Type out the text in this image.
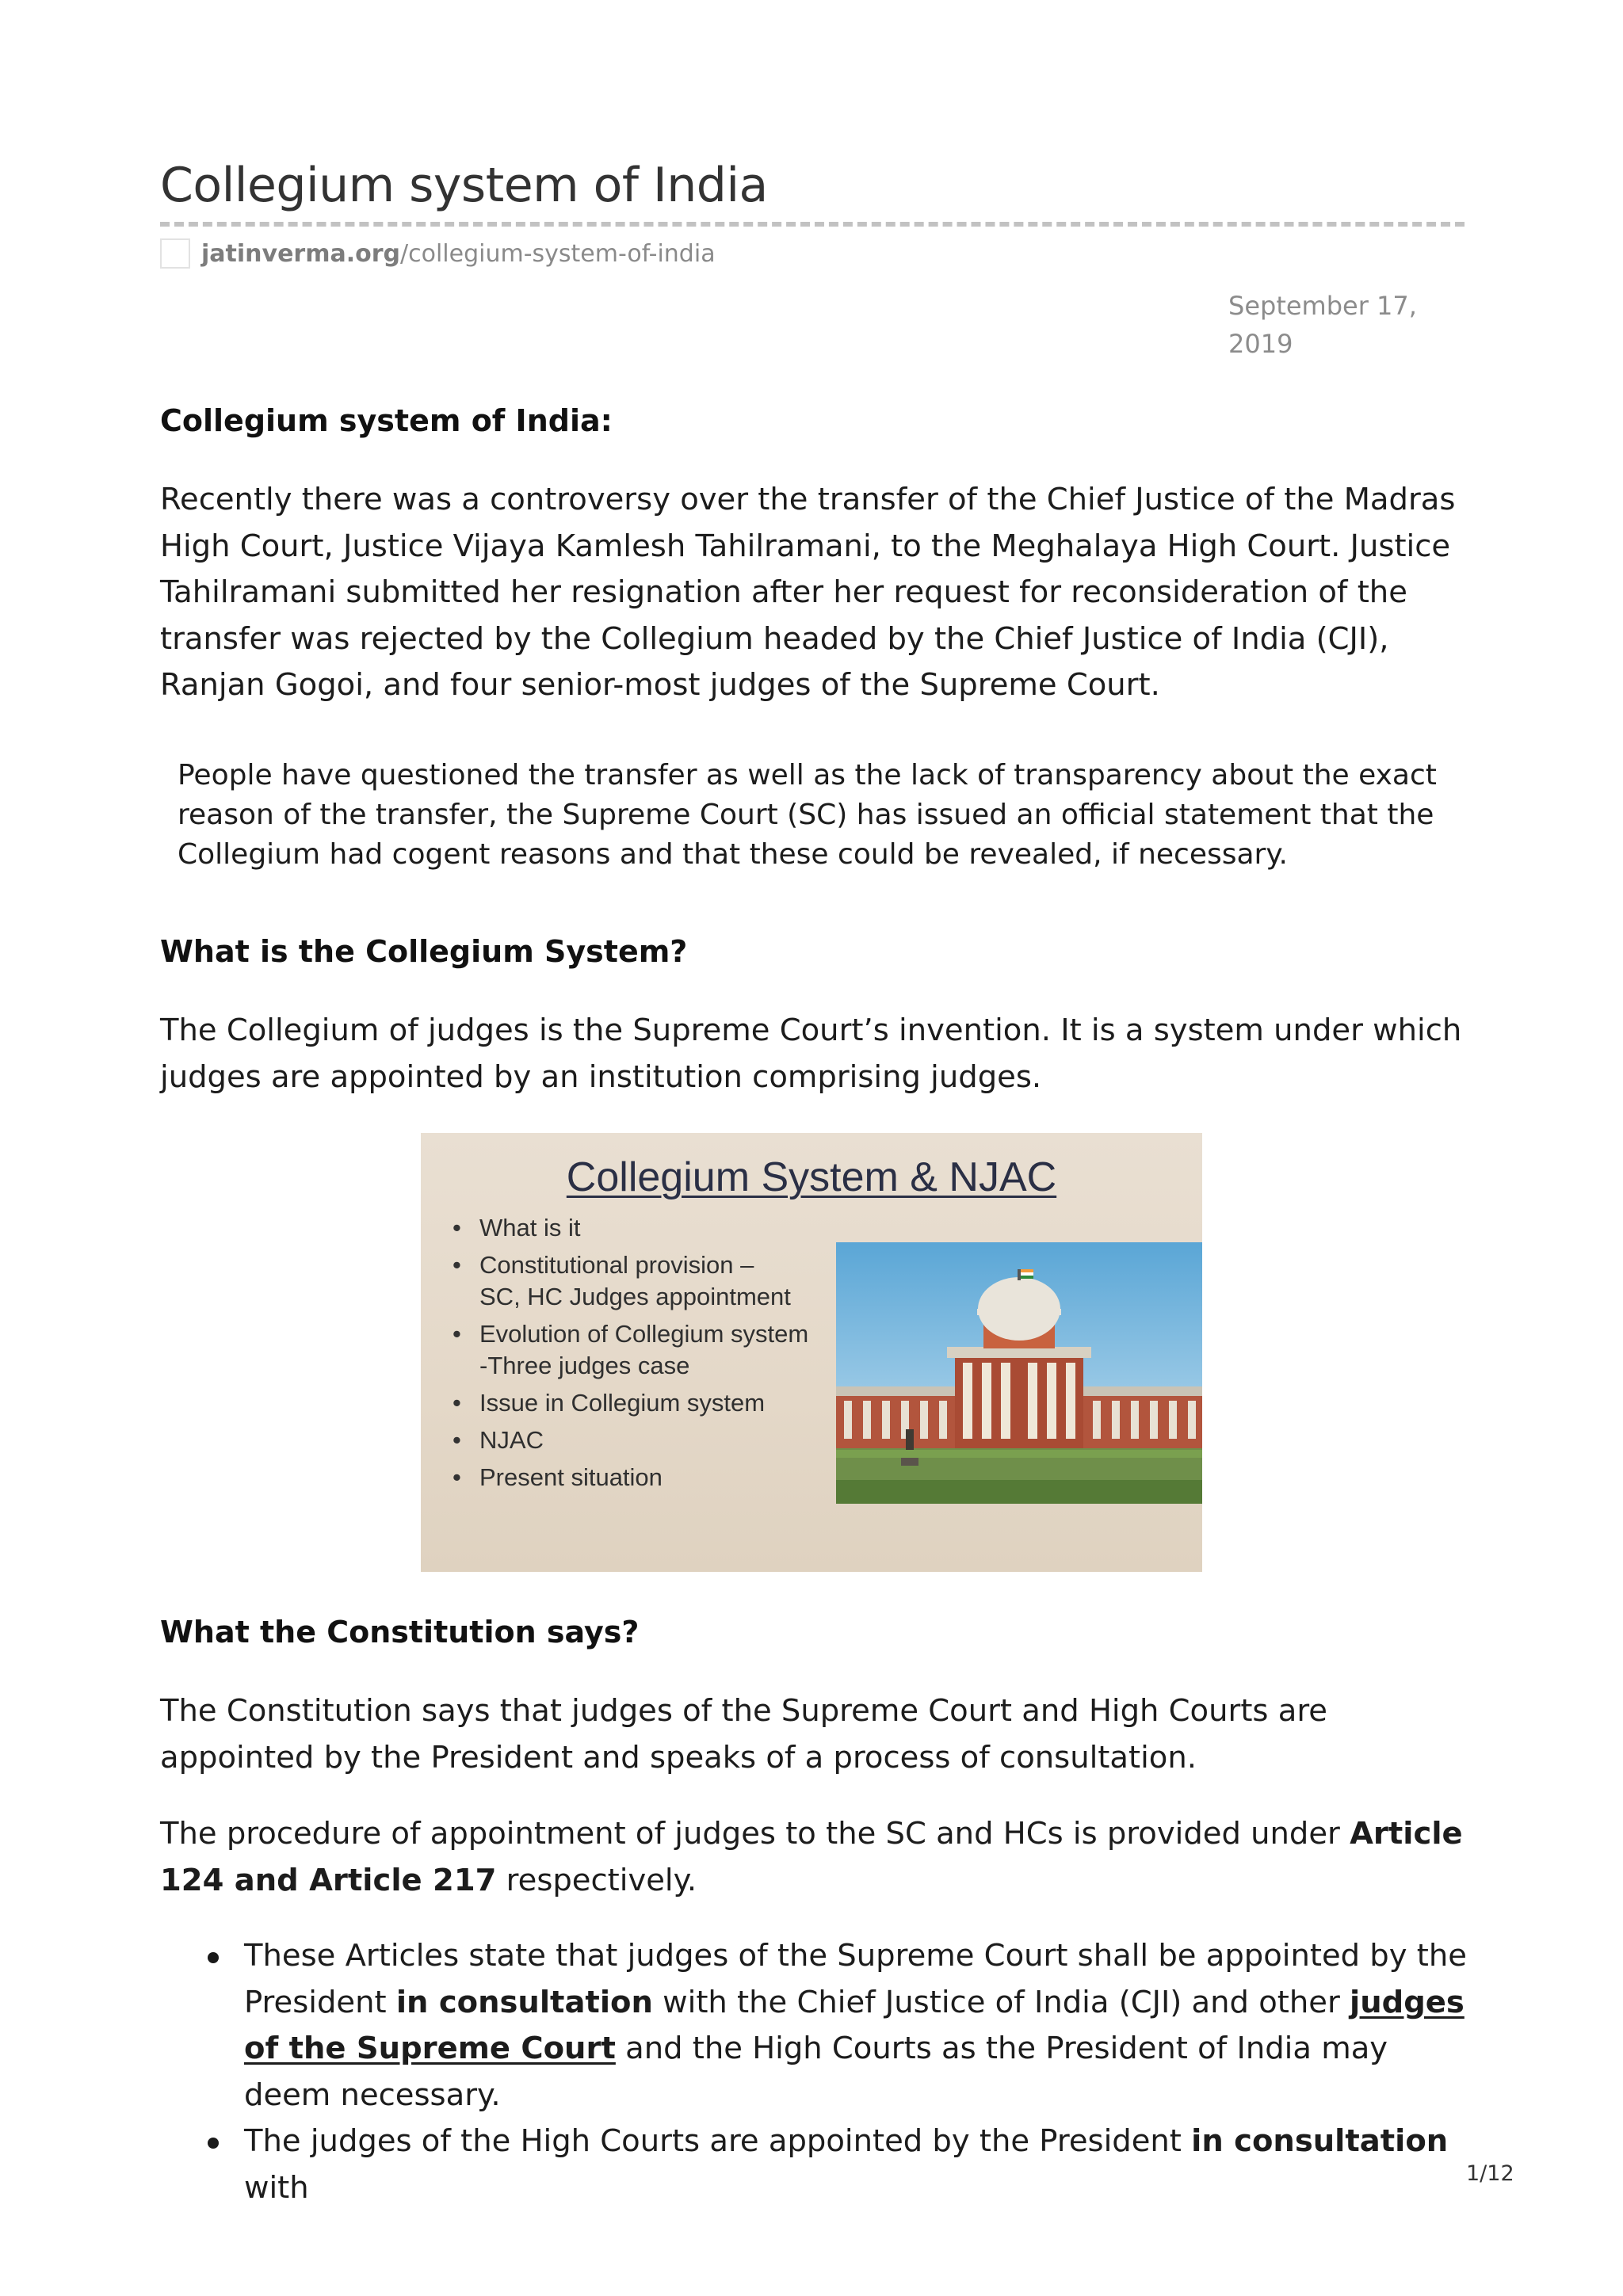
Collegium system of India
jatinverma.org /collegium-system-of-india
September 17,
2019
Collegium system of India:

Recently there was a controversy over the transfer of the Chief Justice of the Madras High Court, Justice Vijaya Kamlesh Tahilramani, to the Meghalaya High Court. Justice Tahilramani submitted her resignation after her request for reconsideration of the transfer was rejected by the Collegium headed by the Chief Justice of India (CJI), Ranjan Gogoi, and four senior-most judges of the Supreme Court.

People have questioned the transfer as well as the lack of transparency about the exact reason of the transfer, the Supreme Court (SC) has issued an official statement that the Collegium had cogent reasons and that these could be revealed, if necessary.

What is the Collegium System?

The Collegium of judges is the Supreme Court’s invention. It is a system under which judges are appointed by an institution comprising judges.

Collegium System & NJAC
• What is it
• Constitutional provision –
SC, HC Judges appointment
• Evolution of Collegium system
-Three judges case
• Issue in Collegium system
• NJAC
• Present situation
What the Constitution says?

The Constitution says that judges of the Supreme Court and High Courts are appointed by the President and speaks of a process of consultation.

The procedure of appointment of judges to the SC and HCs is provided under Article 124 and Article 217 respectively.

These Articles state that judges of the Supreme Court shall be appointed by the President in consultation with the Chief Justice of India (CJI) and other judges of the Supreme Court and the High Courts as the President of India may deem necessary.
The judges of the High Courts are appointed by the President in consultation with	1/12
